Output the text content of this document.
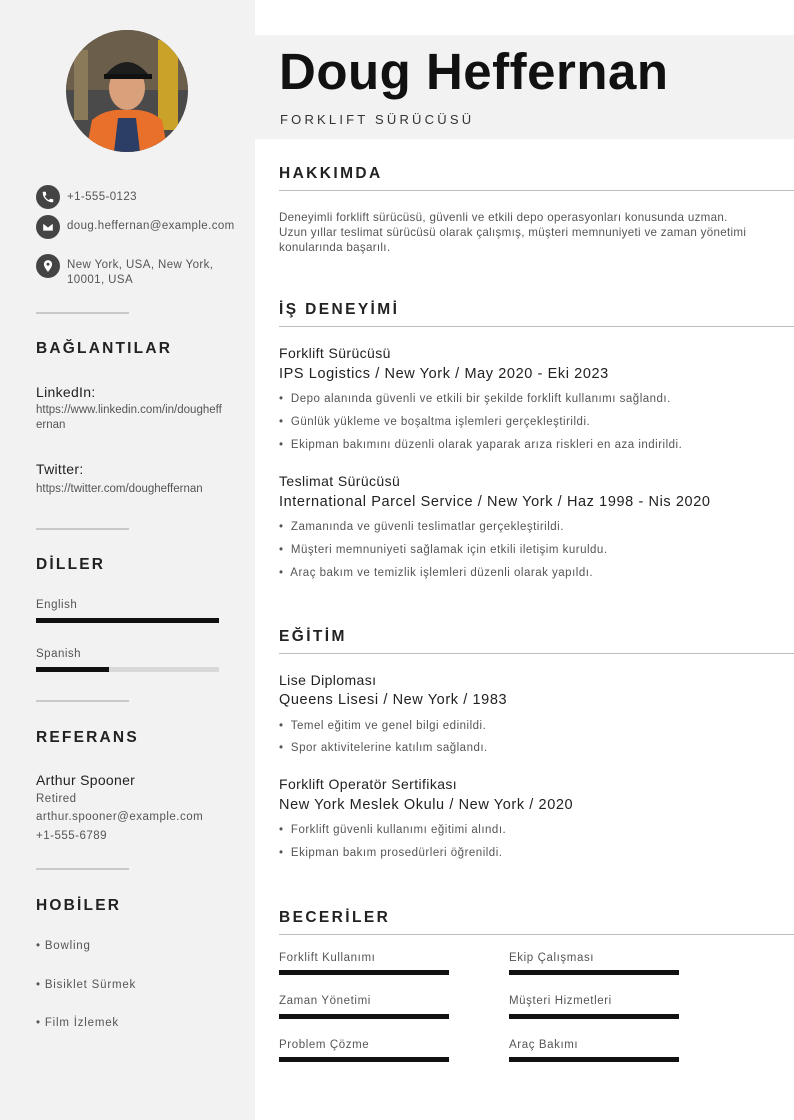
+1-555-0123
doug.heffernan@example.com
New York, USA, New York, 10001, USA
BAĞLANTILAR
LinkedIn:
https://www.linkedin.com/in/dougheffernan
Twitter:
https://twitter.com/dougheffernan
DİLLER
English
Spanish
REFERANS
Arthur Spooner
Retired
arthur.spooner@example.com
+1-555-6789
HOBİLER
• Bowling
• Bisiklet Sürmek
• Film İzlemek
Doug Heffernan
FORKLIFT SÜRÜCÜSÜ
HAKKIMDA
Deneyimli forklift sürücüsü, güvenli ve etkili depo operasyonları konusunda uzman. Uzun yıllar teslimat sürücüsü olarak çalışmış, müşteri memnuniyeti ve zaman yönetimi konularında başarılı.
İŞ DENEYİMİ
Forklift Sürücüsü
IPS Logistics / New York / May 2020 - Eki 2023
•  Depo alanında güvenli ve etkili bir şekilde forklift kullanımı sağlandı.
•  Günlük yükleme ve boşaltma işlemleri gerçekleştirildi.
•  Ekipman bakımını düzenli olarak yaparak arıza riskleri en aza indirildi.
Teslimat Sürücüsü
International Parcel Service / New York / Haz 1998 - Nis 2020
•  Zamanında ve güvenli teslimatlar gerçekleştirildi.
•  Müşteri memnuniyeti sağlamak için etkili iletişim kuruldu.
•  Araç bakım ve temizlik işlemleri düzenli olarak yapıldı.
EĞİTİM
Lise Diploması
Queens Lisesi / New York / 1983
•  Temel eğitim ve genel bilgi edinildi.
•  Spor aktivitelerine katılım sağlandı.
Forklift Operatör Sertifikası
New York Meslek Okulu / New York / 2020
•  Forklift güvenli kullanımı eğitimi alındı.
•  Ekipman bakım prosedürleri öğrenildi.
BECERİLER
Forklift Kullanımı	Ekip Çalışması
Zaman Yönetimi	Müşteri Hizmetleri
Problem Çözme	Araç Bakımı
